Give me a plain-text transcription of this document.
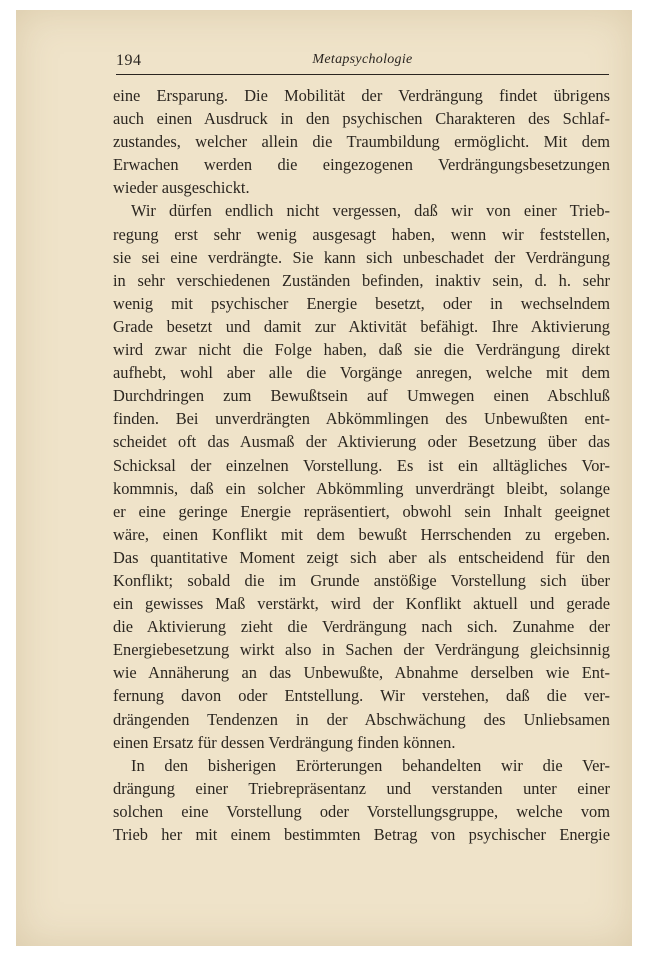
194	Metapsychologie
eine Ersparung. Die Mobilität der Verdrängung findet übrigens
auch einen Ausdruck in den psychischen Charakteren des Schlaf-
zustandes, welcher allein die Traumbildung ermöglicht. Mit dem
Erwachen werden die eingezogenen Verdrängungsbesetzungen
wieder ausgeschickt.
Wir dürfen endlich nicht vergessen, daß wir von einer Trieb-
regung erst sehr wenig ausgesagt haben, wenn wir feststellen,
sie sei eine verdrängte. Sie kann sich unbeschadet der Verdrängung
in sehr verschiedenen Zuständen befinden, inaktiv sein, d. h. sehr
wenig mit psychischer Energie besetzt, oder in wechselndem
Grade besetzt und damit zur Aktivität befähigt. Ihre Aktivierung
wird zwar nicht die Folge haben, daß sie die Verdrängung direkt
aufhebt, wohl aber alle die Vorgänge anregen, welche mit dem
Durchdringen zum Bewußtsein auf Umwegen einen Abschluß
finden. Bei unverdrängten Abkömmlingen des Unbewußten ent-
scheidet oft das Ausmaß der Aktivierung oder Besetzung über das
Schicksal der einzelnen Vorstellung. Es ist ein alltägliches Vor-
kommnis, daß ein solcher Abkömmling unverdrängt bleibt, solange
er eine geringe Energie repräsentiert, obwohl sein Inhalt geeignet
wäre, einen Konflikt mit dem bewußt Herrschenden zu ergeben.
Das quantitative Moment zeigt sich aber als entscheidend für den
Konflikt; sobald die im Grunde anstößige Vorstellung sich über
ein gewisses Maß verstärkt, wird der Konflikt aktuell und gerade
die Aktivierung zieht die Verdrängung nach sich. Zunahme der
Energiebesetzung wirkt also in Sachen der Verdrängung gleichsinnig
wie Annäherung an das Unbewußte, Abnahme derselben wie Ent-
fernung davon oder Entstellung. Wir verstehen, daß die ver-
drängenden Tendenzen in der Abschwächung des Unliebsamen
einen Ersatz für dessen Verdrängung finden können.
In den bisherigen Erörterungen behandelten wir die Ver-
drängung einer Triebrepräsentanz und verstanden unter einer
solchen eine Vorstellung oder Vorstellungsgruppe, welche vom
Trieb her mit einem bestimmten Betrag von psychischer Energie
